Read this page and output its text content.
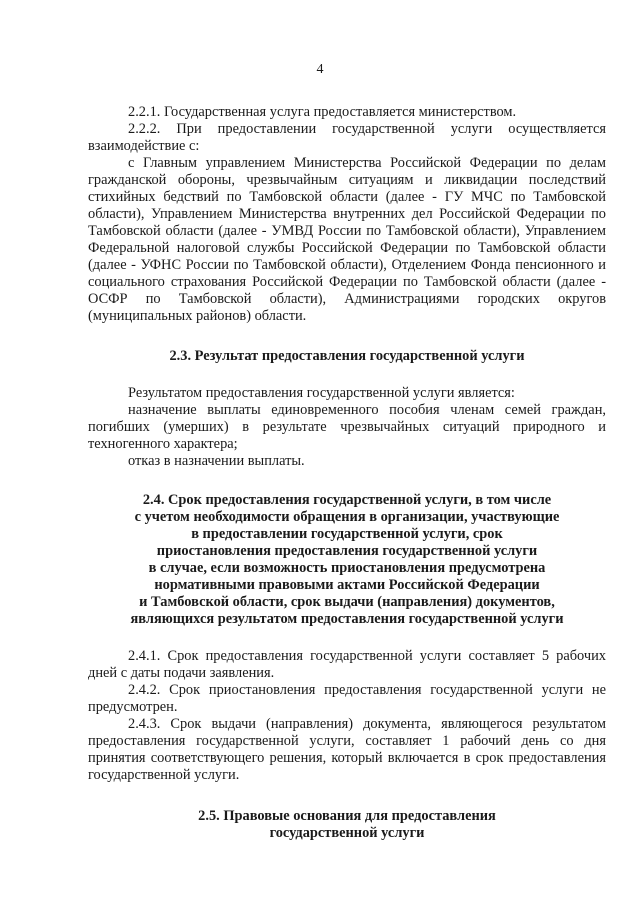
4

2.2.1. Государственная услуга предоставляется министерством.

2.2.2. При предоставлении государственной услуги осуществляется

взаимодействие с:

с Главным управлением Министерства Российской Федерации по делам гражданской обороны, чрезвычайным ситуациям и ликвидации последствий стихийных бедствий по Тамбовской области (далее - ГУ МЧС по Тамбовской области), Управлением Министерства внутренних дел Российской Федерации по Тамбовской области (далее - УМВД России по Тамбовской области), Управлением Федеральной налоговой службы Российской Федерации по Тамбовской области (далее - УФНС России по Тамбовской области), Отделением Фонда пенсионного и социального страхования Российской Федерации по Тамбовской области (далее - ОСФР по Тамбовской области), Администрациями городских округов (муниципальных районов) области.

2.3. Результат предоставления государственной услуги

Результатом предоставления государственной услуги является:

назначение выплаты единовременного пособия членам семей граждан, погибших (умерших) в результате чрезвычайных ситуаций природного и техногенного характера;

отказ в назначении выплаты.

2.4. Срок предоставления государственной услуги, в том числе

с учетом необходимости обращения в организации, участвующие

в предоставлении государственной услуги, срок

приостановления предоставления государственной услуги

в случае, если возможность приостановления предусмотрена

нормативными правовыми актами Российской Федерации

и Тамбовской области, срок выдачи (направления) документов,

являющихся результатом предоставления государственной услуги

2.4.1. Срок предоставления государственной услуги составляет 5 рабочих дней с даты подачи заявления.

2.4.2. Срок приостановления предоставления государственной услуги не предусмотрен.

2.4.3. Срок выдачи (направления) документа, являющегося результатом предоставления государственной услуги, составляет 1 рабочий день со дня принятия соответствующего решения, который включается в срок предоставления государственной услуги.

2.5. Правовые основания для предоставления

государственной услуги
